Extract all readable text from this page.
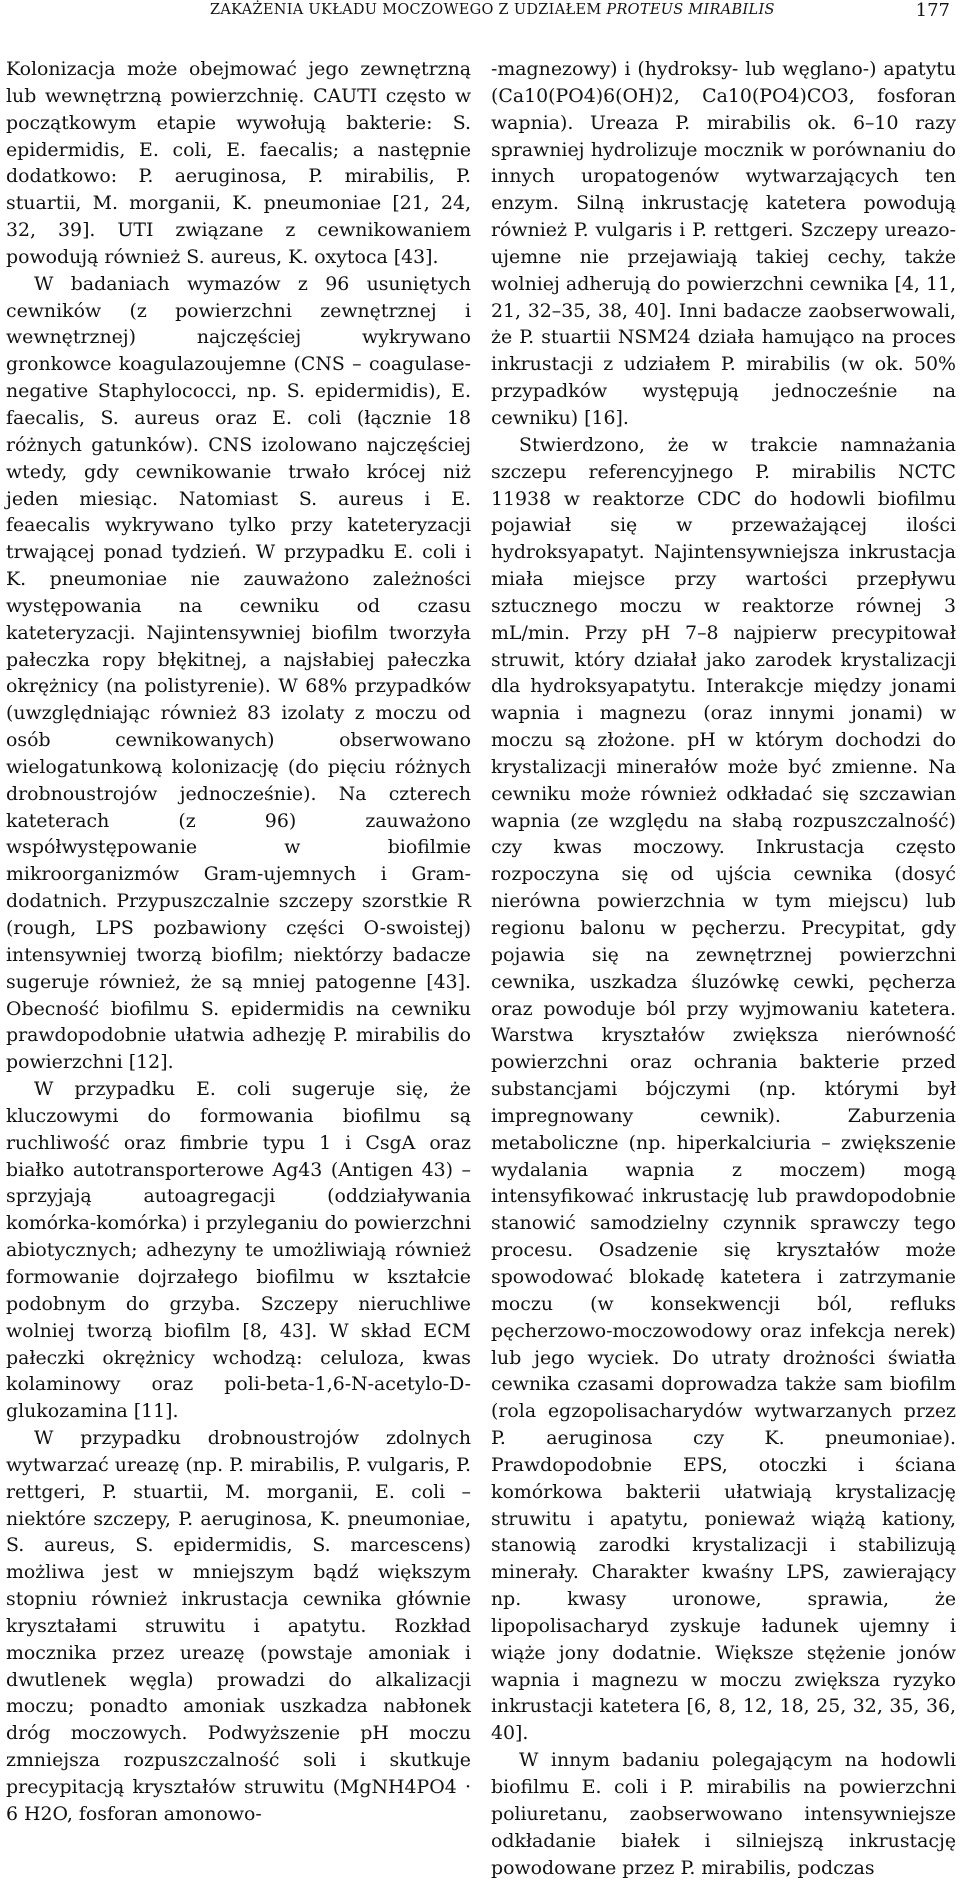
ZAKAŻENIA UKŁADU MOCZOWEGO Z UDZIAŁEM PROTEUS MIRABILIS	177

Kolonizacja może obejmować jego zewnętrzną lub wewnętrzną powierzchnię. CAUTI często w początkowym etapie wywołują bakterie: S. epidermidis, E. coli, E. faecalis; a następnie dodatkowo: P. aeruginosa, P. mirabilis, P. stuartii, M. morganii, K. pneumoniae [21, 24, 32, 39]. UTI związane z cewnikowaniem powodują również S. aureus, K. oxytoca [43].

W badaniach wymazów z 96 usuniętych cewników (z powierzchni zewnętrznej i wewnętrznej) najczęściej wykrywano gronkowce koagulazoujemne (CNS – coagulase-negative Staphylococci, np. S. epidermidis), E. faecalis, S. aureus oraz E. coli (łącznie 18 różnych gatunków). CNS izolowano najczęściej wtedy, gdy cewnikowanie trwało krócej niż jeden miesiąc. Natomiast S. aureus i E. feaecalis wykrywano tylko przy kateteryzacji trwającej ponad tydzień. W przypadku E. coli i K. pneumoniae nie zauważono zależności występowania na cewniku od czasu kateteryzacji. Najintensywniej biofilm tworzyła pałeczka ropy błękitnej, a najsłabiej pałeczka okrężnicy (na polistyrenie). W 68% przypadków (uwzględniając również 83 izolaty z moczu od osób cewnikowanych) obserwowano wielogatunkową kolonizację (do pięciu różnych drobnoustrojów jednocześnie). Na czterech kateterach (z 96) zauważono współwystępowanie w biofilmie mikroorganizmów Gram-ujemnych i Gram-dodatnich. Przypuszczalnie szczepy szorstkie R (rough, LPS pozbawiony części O-swoistej) intensywniej tworzą biofilm; niektórzy badacze sugeruje również, że są mniej patogenne [43]. Obecność biofilmu S. epidermidis na cewniku prawdopodobnie ułatwia adhezję P. mirabilis do powierzchni [12].

W przypadku E. coli sugeruje się, że kluczowymi do formowania biofilmu są ruchliwość oraz fimbrie typu 1 i CsgA oraz białko autotransporterowe Ag43 (Antigen 43) – sprzyjają autoagregacji (oddziaływania komórka-komórka) i przyleganiu do powierzchni abiotycznych; adhezyny te umożliwiają również formowanie dojrzałego biofilmu w kształcie podobnym do grzyba. Szczepy nieruchliwe wolniej tworzą biofilm [8, 43]. W skład ECM pałeczki okrężnicy wchodzą: celuloza, kwas kolaminowy oraz poli-beta-1,6-N-acetylo-D-glukozamina [11].

W przypadku drobnoustrojów zdolnych wytwarzać ureazę (np. P. mirabilis, P. vulgaris, P. rettgeri, P. stuartii, M. morganii, E. coli – niektóre szczepy, P. aeruginosa, K. pneumoniae, S. aureus, S. epidermidis, S. marcescens) możliwa jest w mniejszym bądź większym stopniu również inkrustacja cewnika głównie kryształami struwitu i apatytu. Rozkład mocznika przez ureazę (powstaje amoniak i dwutlenek węgla) prowadzi do alkalizacji moczu; ponadto amoniak uszkadza nabłonek dróg moczowych. Podwyższenie pH moczu zmniejsza rozpuszczalność soli i skutkuje precypitacją kryształów struwitu (MgNH4PO4 · 6 H2O, fosforan amonowo-

-magnezowy) i (hydroksy- lub węglano-) apatytu (Ca10(PO4)6(OH)2, Ca10(PO4)CO3, fosforan wapnia). Ureaza P. mirabilis ok. 6–10 razy sprawniej hydrolizuje mocznik w porównaniu do innych uropatogenów wytwarzających ten enzym. Silną inkrustację katetera powodują również P. vulgaris i P. rettgeri. Szczepy ureazo-ujemne nie przejawiają takiej cechy, także wolniej adherują do powierzchni cewnika [4, 11, 21, 32–35, 38, 40]. Inni badacze zaobserwowali, że P. stuartii NSM24 działa hamująco na proces inkrustacji z udziałem P. mirabilis (w ok. 50% przypadków występują jednocześnie na cewniku) [16].

Stwierdzono, że w trakcie namnażania szczepu referencyjnego P. mirabilis NCTC 11938 w reaktorze CDC do hodowli biofilmu pojawiał się w przeważającej ilości hydroksyapatyt. Najintensywniejsza inkrustacja miała miejsce przy wartości przepływu sztucznego moczu w reaktorze równej 3 mL/min. Przy pH 7–8 najpierw precypitował struwit, który działał jako zarodek krystalizacji dla hydroksyapatytu. Interakcje między jonami wapnia i magnezu (oraz innymi jonami) w moczu są złożone. pH w którym dochodzi do krystalizacji minerałów może być zmienne. Na cewniku może również odkładać się szczawian wapnia (ze względu na słabą rozpuszczalność) czy kwas moczowy. Inkrustacja często rozpoczyna się od ujścia cewnika (dosyć nierówna powierzchnia w tym miejscu) lub regionu balonu w pęcherzu. Precypitat, gdy pojawia się na zewnętrznej powierzchni cewnika, uszkadza śluzówkę cewki, pęcherza oraz powoduje ból przy wyjmowaniu katetera. Warstwa kryształów zwiększa nierówność powierzchni oraz ochrania bakterie przed substancjami bójczymi (np. którymi był impregnowany cewnik). Zaburzenia metaboliczne (np. hiperkalciuria – zwiększenie wydalania wapnia z moczem) mogą intensyfikować inkrustację lub prawdopodobnie stanowić samodzielny czynnik sprawczy tego procesu. Osadzenie się kryształów może spowodować blokadę katetera i zatrzymanie moczu (w konsekwencji ból, refluks pęcherzowo-moczowodowy oraz infekcja nerek) lub jego wyciek. Do utraty drożności światła cewnika czasami doprowadza także sam biofilm (rola egzopolisacharydów wytwarzanych przez P. aeruginosa czy K. pneumoniae). Prawdopodobnie EPS, otoczki i ściana komórkowa bakterii ułatwiają krystalizację struwitu i apatytu, ponieważ wiążą kationy, stanowią zarodki krystalizacji i stabilizują minerały. Charakter kwaśny LPS, zawierający np. kwasy uronowe, sprawia, że lipopolisacharyd zyskuje ładunek ujemny i wiąże jony dodatnie. Większe stężenie jonów wapnia i magnezu w moczu zwiększa ryzyko inkrustacji katetera [6, 8, 12, 18, 25, 32, 35, 36, 40].

W innym badaniu polegającym na hodowli biofilmu E. coli i P. mirabilis na powierzchni poliuretanu, zaobserwowano intensywniejsze odkładanie białek i silniejszą inkrustację powodowane przez P. mirabilis, podczas
